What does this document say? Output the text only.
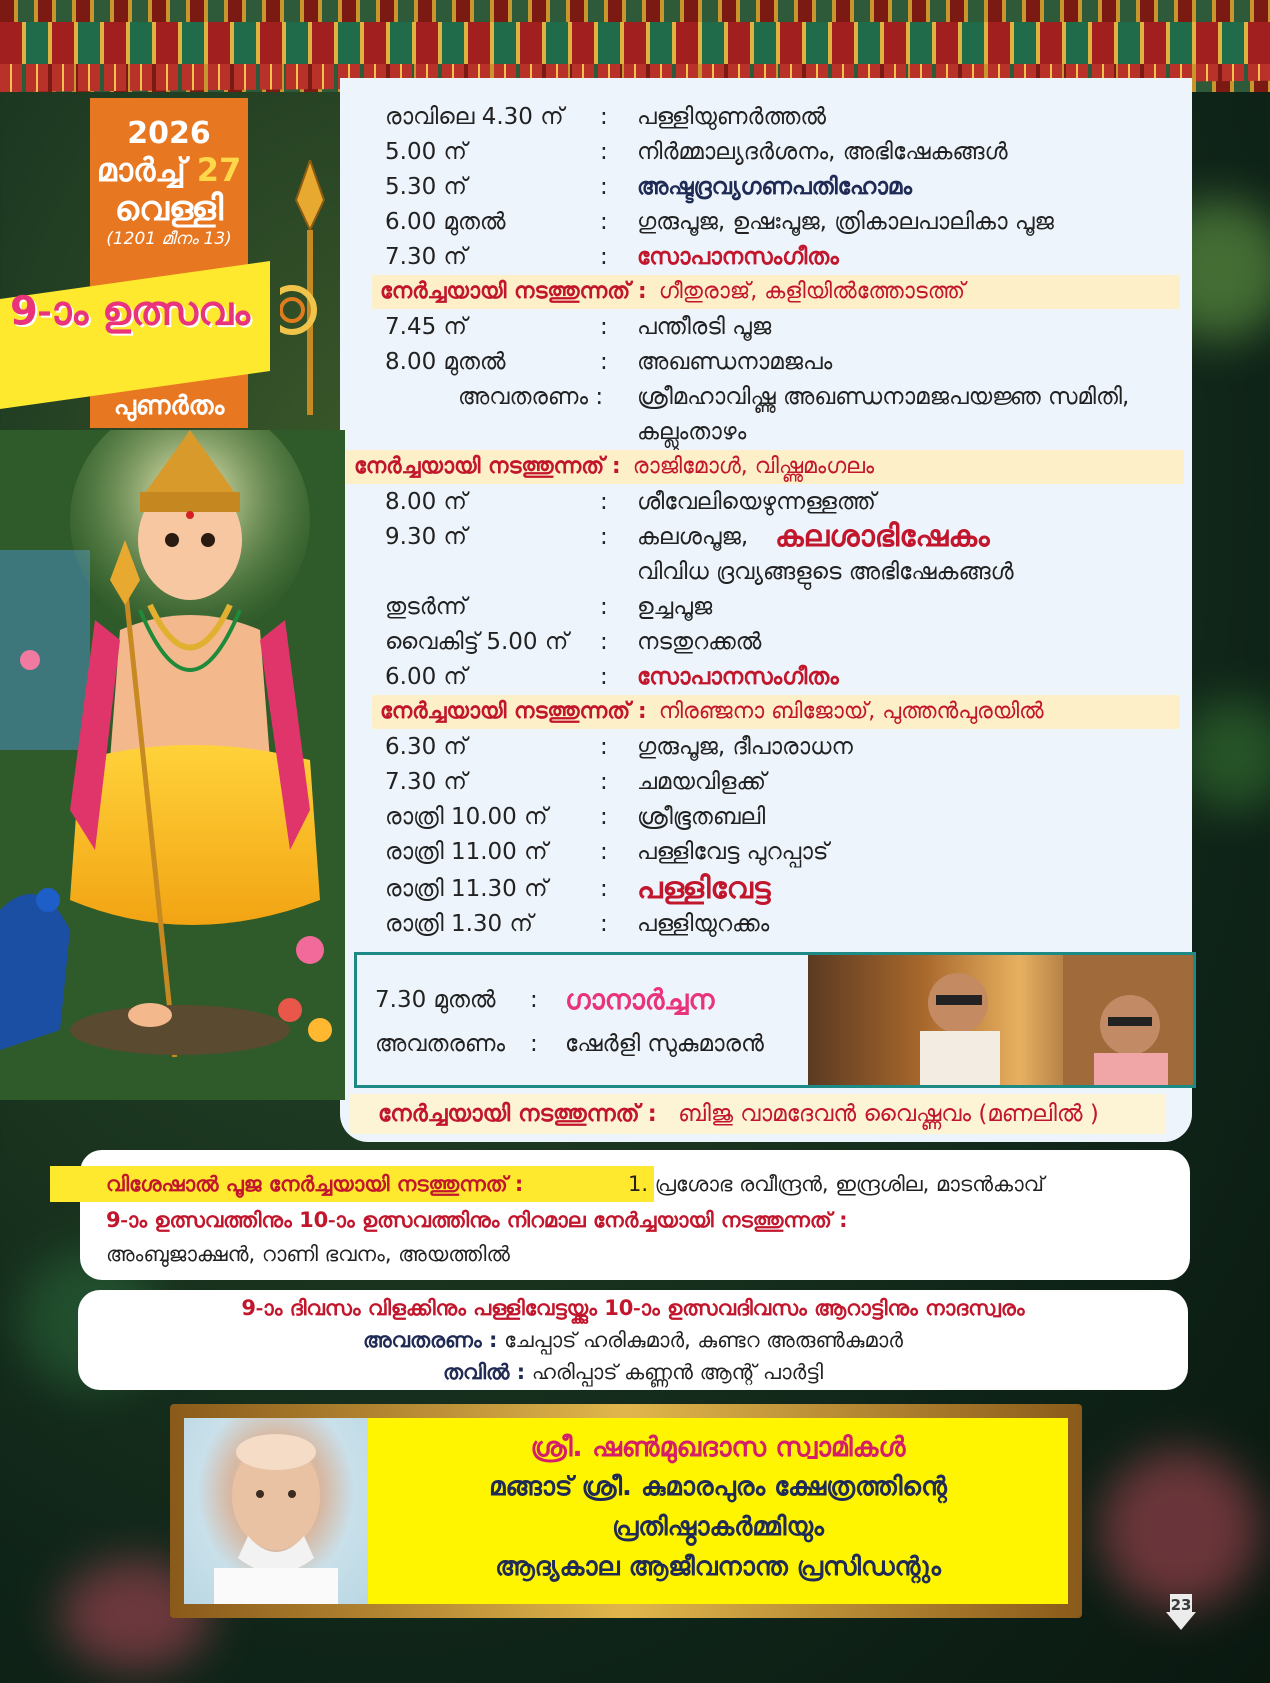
2026
മാർച്ച് 27
വെള്ളി
(1201 മീനം 13)
9-ാം ഉത്സവം
പുണർതം
രാവിലെ 4.30 ന്	:	പള്ളിയുണർത്തൽ
5.00 ന്	:	നിർമ്മാല്യദർശനം, അഭിഷേകങ്ങൾ
5.30 ന്	:	അഷ്ടദ്രവ്യഗണപതിഹോമം
6.00 മുതൽ	:	ഗുരുപൂജ, ഉഷഃപൂജ, ത്രികാലപാലികാ പൂജ
7.30 ന്	:	സോപാനസംഗീതം
7.45 ന്	:	പന്തീരടി പൂജ
8.00 മുതൽ	:	അഖണ്ഡനാമജപം
8.00 ന്	:	ശീവേലിയെഴുന്നള്ളത്ത്
9.30 ന്	:	കലശപൂജ, കലശാഭിഷേകം
തുടർന്ന്	:	ഉച്ചപൂജ
വൈകിട്ട് 5.00 ന്	:	നടതുറക്കൽ
6.00 ന്	:	സോപാനസംഗീതം
6.30 ന്	:	ഗുരുപൂജ, ദീപാരാധന
7.30 ന്	:	ചമയവിളക്ക്
രാത്രി 10.00 ന്	:	ശ്രീഭൂതബലി
രാത്രി 11.00 ന്	:	പള്ളിവേട്ട പുറപ്പാട്
രാത്രി 11.30 ന്	: പള്ളിവേട്ട
രാത്രി 1.30 ന്	:	പള്ളിയുറക്കം
അവതരണം : ശ്രീമഹാവിഷ്ണു അഖണ്ഡനാമജപയജ്ഞ സമിതി,
കല്ലുംതാഴം
വിവിധ ദ്രവ്യങ്ങളുടെ അഭിഷേകങ്ങൾ
നേർച്ചയായി നടത്തുന്നത് : ഗീതുരാജ്, കളിയിൽത്തോടത്ത്
നേർച്ചയായി നടത്തുന്നത് : രാജിമോൾ, വിഷ്ണുമംഗലം
നേർച്ചയായി നടത്തുന്നത് : നിരഞ്ജനാ ബിജോയ്, പുത്തൻപുരയിൽ
7.30 മുതൽ : ഗാനാർച്ചന
അവതരണം : ഷേർളി സുകുമാരൻ
നേർച്ചയായി നടത്തുന്നത് : ബിജു വാമദേവൻ വൈഷ്ണവം (മണലിൽ )
വിശേഷാൽ പൂജ നേർച്ചയായി നടത്തുന്നത് :	1. പ്രശോഭ രവീന്ദ്രൻ, ഇന്ദ്രശില, മാടൻകാവ്
9-ാം ഉത്സവത്തിനും 10-ാം ഉത്സവത്തിനും നിറമാല നേർച്ചയായി നടത്തുന്നത് :
അംബുജാക്ഷൻ, റാണി ഭവനം, അയത്തിൽ
9-ാം ദിവസം വിളക്കിനും പള്ളിവേട്ടയ്ക്കും 10-ാം ഉത്സവദിവസം ആറാട്ടിനും നാദസ്വരം
അവതരണം : ചേപ്പാട് ഹരികുമാർ, കുണ്ടറ അരുൺകുമാർ
തവിൽ : ഹരിപ്പാട് കണ്ണൻ ആന്റ് പാർട്ടി
ശ്രീ. ഷൺമുഖദാസ സ്വാമികൾ
മങ്ങാട് ശ്രീ. കുമാരപുരം ക്ഷേത്രത്തിന്റെ
പ്രതിഷ്ഠാകർമ്മിയും
ആദ്യകാല ആജീവനാന്ത പ്രസിഡന്റും
23
